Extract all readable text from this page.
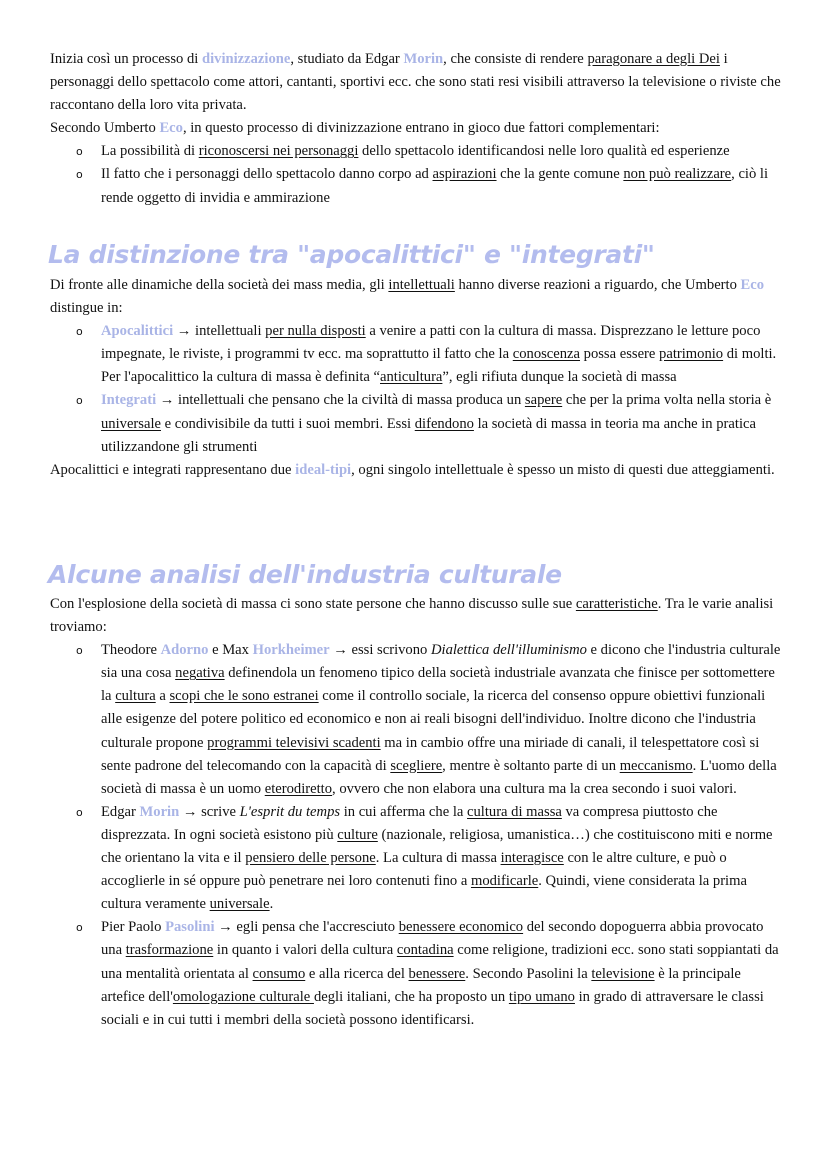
Inizia così un processo di divinizzazione, studiato da Edgar Morin, che consiste di rendere paragonare a degli Dei i personaggi dello spettacolo come attori, cantanti, sportivi ecc. che sono stati resi visibili attraverso la televisione o riviste che raccontano della loro vita privata.

Secondo Umberto Eco, in questo processo di divinizzazione entrano in gioco due fattori complementari:

o La possibilità di riconoscersi nei personaggi dello spettacolo identificandosi nelle loro qualità ed esperienze
o Il fatto che i personaggi dello spettacolo danno corpo ad aspirazioni che la gente comune non può realizzare, ciò li rende oggetto di invidia e ammirazione
La distinzione tra "apocalittici" e "integrati"

Di fronte alle dinamiche della società dei mass media, gli intellettuali hanno diverse reazioni a riguardo, che Umberto Eco distingue in:

o Apocalittici → intellettuali per nulla disposti a venire a patti con la cultura di massa. Disprezzano le letture poco impegnate, le riviste, i programmi tv ecc. ma soprattutto il fatto che la conoscenza possa essere patrimonio di molti. Per l'apocalittico la cultura di massa è definita “anticultura”, egli rifiuta dunque la società di massa
o Integrati → intellettuali che pensano che la civiltà di massa produca un sapere che per la prima volta nella storia è universale e condivisibile da tutti i suoi membri. Essi difendono la società di massa in teoria ma anche in pratica utilizzandone gli strumenti

Apocalittici e integrati rappresentano due ideal-tipi, ogni singolo intellettuale è spesso un misto di questi due atteggiamenti.

Alcune analisi dell'industria culturale

Con l'esplosione della società di massa ci sono state persone che hanno discusso sulle sue caratteristiche. Tra le varie analisi troviamo:

o Theodore Adorno e Max Horkheimer → essi scrivono Dialettica dell'illuminismo e dicono che l'industria culturale sia una cosa negativa definendola un fenomeno tipico della società industriale avanzata che finisce per sottomettere la cultura a scopi che le sono estranei come il controllo sociale, la ricerca del consenso oppure obiettivi funzionali alle esigenze del potere politico ed economico e non ai reali bisogni dell'individuo. Inoltre dicono che l'industria culturale propone programmi televisivi scadenti ma in cambio offre una miriade di canali, il telespettatore così si sente padrone del telecomando con la capacità di scegliere, mentre è soltanto parte di un meccanismo. L'uomo della società di massa è un uomo eterodiretto, ovvero che non elabora una cultura ma la crea secondo i suoi valori.
o Edgar Morin → scrive L'esprit du temps in cui afferma che la cultura di massa va compresa piuttosto che disprezzata. In ogni società esistono più culture (nazionale, religiosa, umanistica…) che costituiscono miti e norme che orientano la vita e il pensiero delle persone. La cultura di massa interagisce con le altre culture, e può o accoglierle in sé oppure può penetrare nei loro contenuti fino a modificarle. Quindi, viene considerata la prima cultura veramente universale.
o Pier Paolo Pasolini → egli pensa che l'accresciuto benessere economico del secondo dopoguerra abbia provocato una trasformazione in quanto i valori della cultura contadina come religione, tradizioni ecc. sono stati soppiantati da una mentalità orientata al consumo e alla ricerca del benessere. Secondo Pasolini la televisione è la principale artefice dell'omologazione culturale degli italiani, che ha proposto un tipo umano in grado di attraversare le classi sociali e in cui tutti i membri della società possono identificarsi.
